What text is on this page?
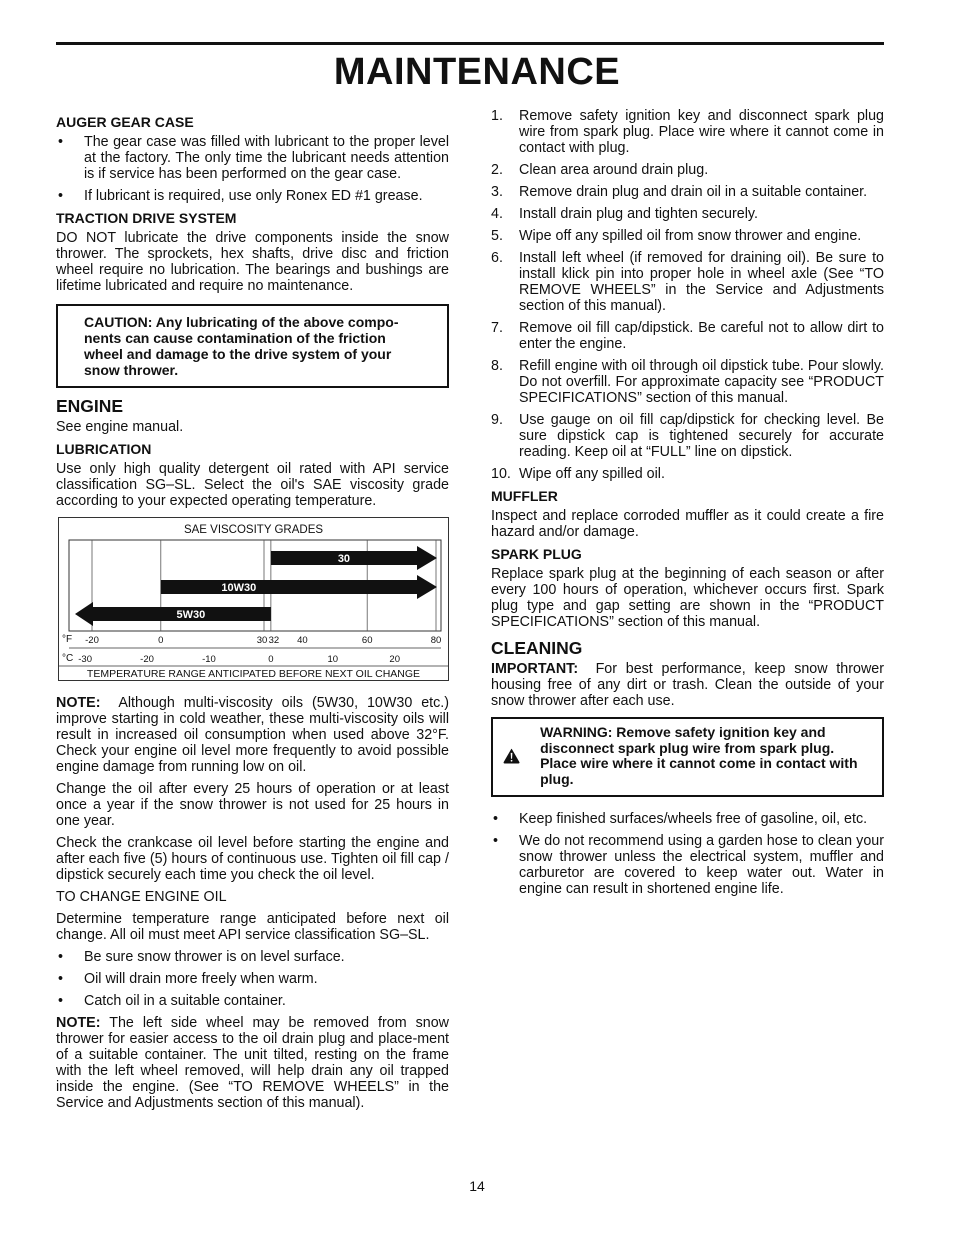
MAINTENANCE
AUGER GEAR CASE
• The gear case was filled with lubricant to the proper level at the factory. The only time the lubricant needs attention is if service has been performed on the gear case.
• If lubricant is required, use only Ronex ED #1 grease.
TRACTION DRIVE SYSTEM

DO NOT lubricate the drive components inside the snow thrower. The sprockets, hex shafts, drive disc and friction wheel require no lubrication. The bearings and bushings are lifetime lubricated and require no maintenance.

CAUTION: Any lubricating of the above compo-nents can cause contamination of the friction wheel and damage to the drive system of your snow thrower.
ENGINE

See engine manual.

LUBRICATION

Use only high quality detergent oil rated with API service classification SG–SL. Select the oil's SAE viscosity grade according to your expected operating temperature.

SAE VISCOSITY GRADES
30
10W30
5W30
°F -20	0	30 32 40	60	80
°C -30	-20	-10	0	10	20
TEMPERATURE RANGE ANTICIPATED BEFORE NEXT OIL CHANGE

NOTE: Although multi-viscosity oils (5W30, 10W30 etc.) improve starting in cold weather, these multi-viscosity oils will result in increased oil consumption when used above 32°F. Check your engine oil level more frequently to avoid possible engine damage from running low on oil.

Change the oil after every 25 hours of operation or at least once a year if the snow thrower is not used for 25 hours in one year.

Check the crankcase oil level before starting the engine and after each five (5) hours of continuous use. Tighten oil fill cap / dipstick securely each time you check the oil level.

TO CHANGE ENGINE OIL

Determine temperature range anticipated before next oil change. All oil must meet API service classification SG–SL.

• Be sure snow thrower is on level surface.
• Oil will drain more freely when warm.
• Catch oil in a suitable container.

NOTE: The left side wheel may be removed from snow thrower for easier access to the oil drain plug and place-ment of a suitable container. The unit tilted, resting on the frame with the left wheel removed, will help drain any oil trapped inside the engine. (See “TO REMOVE WHEELS” in the Service and Adjustments section of this manual).

1. Remove safety ignition key and disconnect spark plug wire from spark plug. Place wire where it cannot come in contact with plug.
2. Clean area around drain plug.
3. Remove drain plug and drain oil in a suitable container.
4. Install drain plug and tighten securely.
5. Wipe off any spilled oil from snow thrower and engine.
6. Install left wheel (if removed for draining oil). Be sure to install klick pin into proper hole in wheel axle (See “TO REMOVE WHEELS” in the Service and Adjustments section of this manual).
7. Remove oil fill cap/dipstick. Be careful not to allow dirt to enter the engine.
8. Refill engine with oil through oil dipstick tube. Pour slowly. Do not overfill. For approximate capacity see “PRODUCT SPECIFICATIONS” section of this manual.
9. Use gauge on oil fill cap/dipstick for checking level. Be sure dipstick cap is tightened securely for accurate reading. Keep oil at “FULL” line on dipstick.
10. Wipe off any spilled oil.
MUFFLER

Inspect and replace corroded muffler as it could create a fire hazard and/or damage.

SPARK PLUG

Replace spark plug at the beginning of each season or after every 100 hours of operation, whichever occurs first. Spark plug type and gap setting are shown in the “PRODUCT SPECIFICATIONS” section of this manual.

CLEANING

IMPORTANT: For best performance, keep snow thrower housing free of any dirt or trash. Clean the outside of your snow thrower after each use.

WARNING: Remove safety ignition key and disconnect spark plug wire from spark plug. Place wire where it cannot come in contact with plug.
• Keep finished surfaces/wheels free of gasoline, oil, etc.
• We do not recommend using a garden hose to clean your snow thrower unless the electrical system, muffler and carburetor are covered to keep water out. Water in engine can result in shortened engine life.
14
